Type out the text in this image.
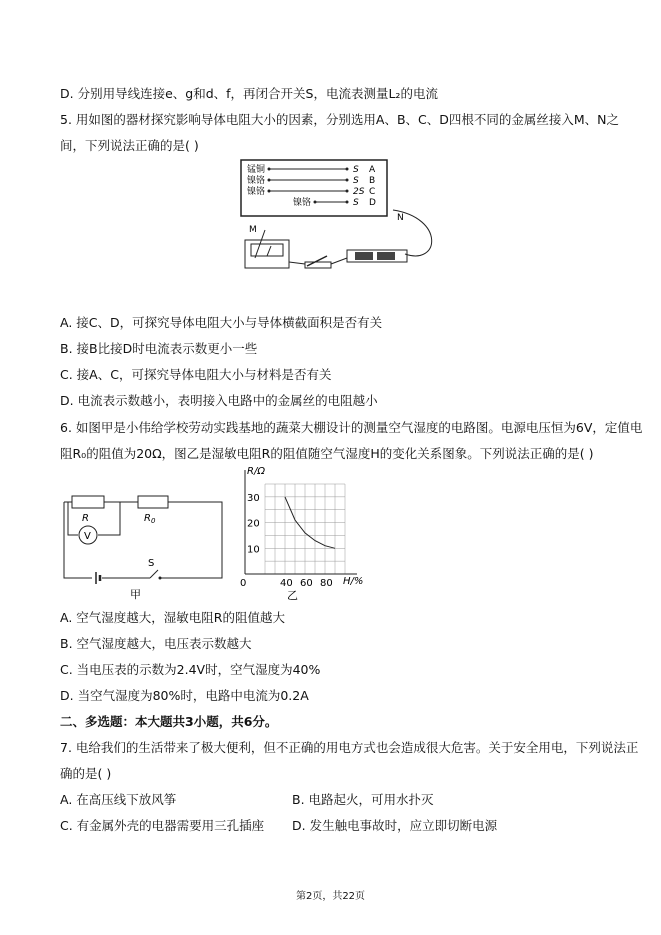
D. 分别用导线连接e、g和d、f，再闭合开关S，电流表测量L₂的电流
5. 用如图的器材探究影响导体电阻大小的因素，分别选用A、B、C、D四根不同的金属丝接入M、N之
间，下列说法正确的是( )
锰铜	S A
镍铬	S B
镍铬	2S C
镍铬	S D
M
N
A. 接C、D，可探究导体电阻大小与导体横截面积是否有关
B. 接B比接D时电流表示数更小一些
C. 接A、C，可探究导体电阻大小与材料是否有关
D. 电流表示数越小，表明接入电路中的金属丝的电阻越小
6. 如图甲是小伟给学校劳动实践基地的蔬菜大棚设计的测量空气湿度的电路图。电源电压恒为6V，定值电
阻R₀的阻值为20Ω，图乙是湿敏电阻R的阻值随空气湿度H的变化关系图象。下列说法正确的是( )
R	$R_0$
V
S
甲
R/Ω
H/%
乙
0	40 60 80
10
20
30
A. 空气湿度越大，湿敏电阻R的阻值越大
B. 空气湿度越大，电压表示数越大
C. 当电压表的示数为2.4V时，空气湿度为40%
D. 当空气湿度为80%时，电路中电流为0.2A
二、多选题：本大题共3小题，共6分。
7. 电给我们的生活带来了极大便利，但不正确的用电方式也会造成很大危害。关于安全用电，下列说法正
确的是( )
A. 在高压线下放风筝	B. 电路起火，可用水扑灭
C. 有金属外壳的电器需要用三孔插座 D. 发生触电事故时，应立即切断电源
第2页，共22页
